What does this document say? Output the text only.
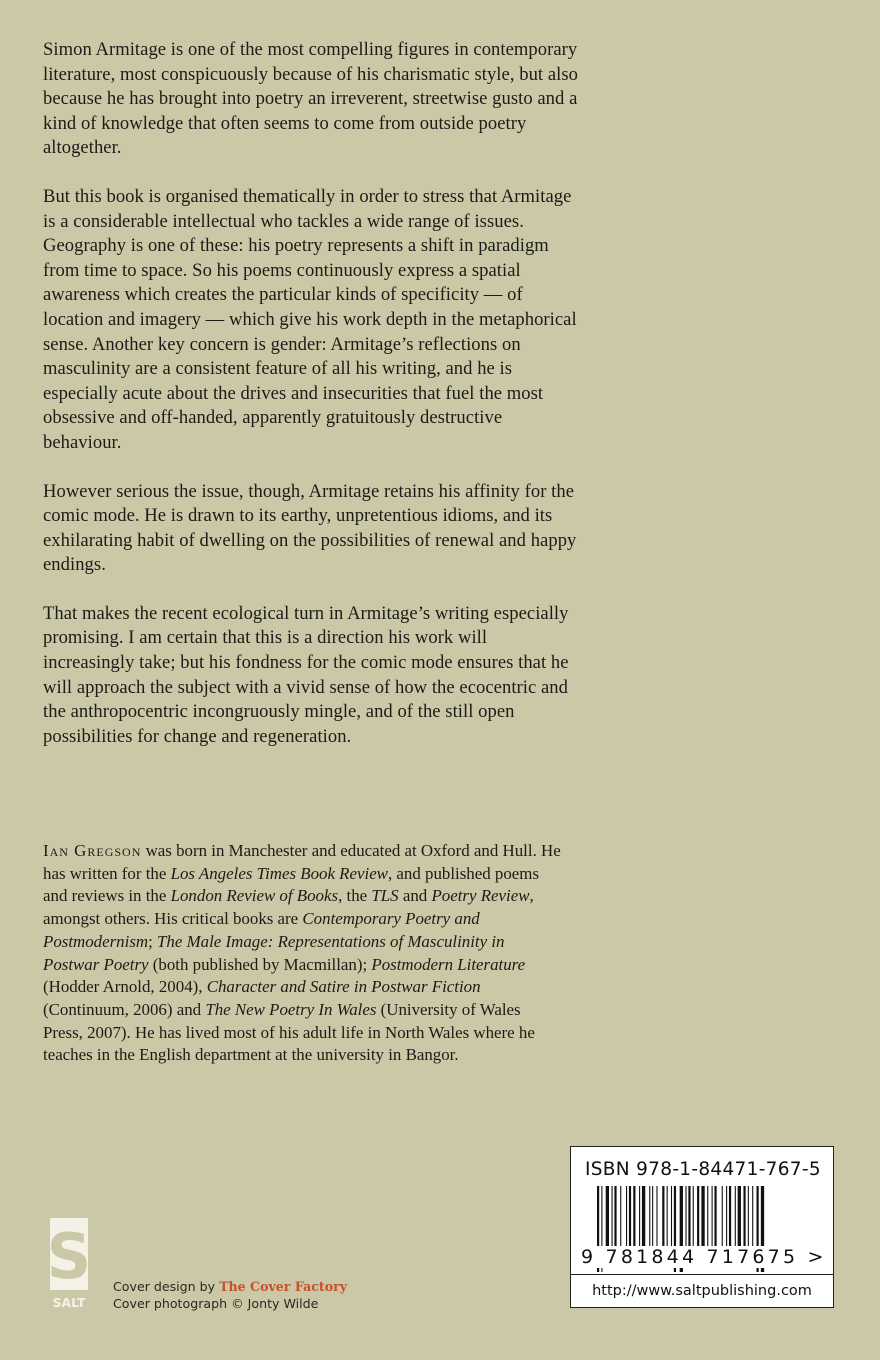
Simon Armitage is one of the most compelling figures in contemporary literature, most conspicuously because of his charismatic style, but also because he has brought into poetry an irreverent, streetwise gusto and a kind of knowledge that often seems to come from outside poetry altogether.

But this book is organised thematically in order to stress that Armitage is a considerable intellectual who tackles a wide range of issues. Geography is one of these: his poetry represents a shift in paradigm from time to space. So his poems continuously express a spatial awareness which creates the particular kinds of specificity — of location and imagery — which give his work depth in the metaphorical sense. Another key concern is gender: Armitage’s reflections on masculinity are a consistent feature of all his writing, and he is especially acute about the drives and insecurities that fuel the most obsessive and off-handed, apparently gratuitously destructive behaviour.

However serious the issue, though, Armitage retains his affinity for the comic mode. He is drawn to its earthy, unpretentious idioms, and its exhilarating habit of dwelling on the possibilities of renewal and happy endings.

That makes the recent ecological turn in Armitage’s writing especially promising. I am certain that this is a direction his work will increasingly take; but his fondness for the comic mode ensures that he will approach the subject with a vivid sense of how the ecocentric and the anthropocentric incongruously mingle, and of the still open possibilities for change and regeneration.

Ian Gregson was born in Manchester and educated at Oxford and Hull. He has written for the Los Angeles Times Book Review, and published poems and reviews in the London Review of Books, the TLS and Poetry Review, amongst others. His critical books are Contemporary Poetry and Postmodernism; The Male Image: Representations of Masculinity in Postwar Poetry (both published by Macmillan); Postmodern Literature (Hodder Arnold, 2004), Character and Satire in Postwar Fiction (Continuum, 2006) and The New Poetry In Wales (University of Wales Press, 2007). He has lived most of his adult life in North Wales where he teaches in the English department at the university in Bangor.

S
SALT
Cover design by The Cover Factory
Cover photograph © Jonty Wilde
ISBN 978-1-84471-767-5
9 781844 717675 >
http://www.saltpublishing.com
